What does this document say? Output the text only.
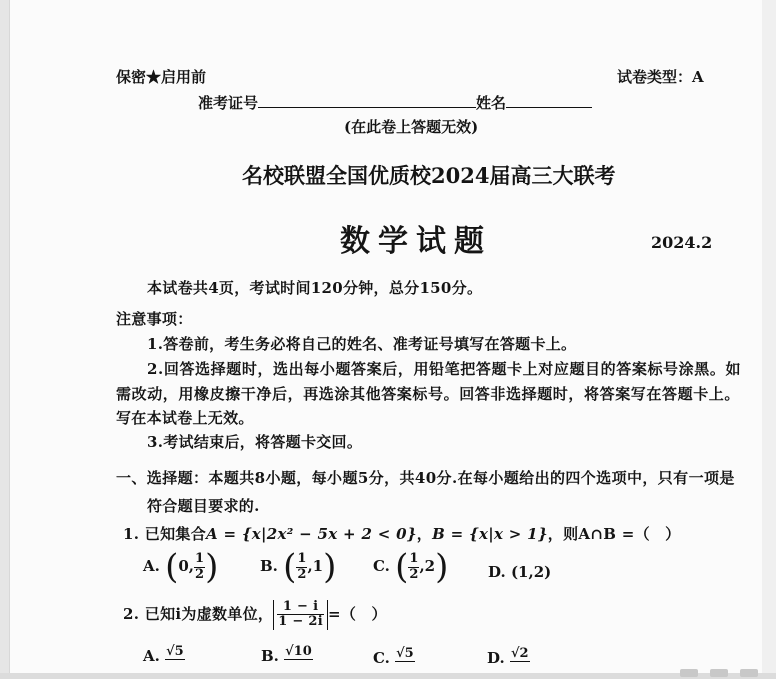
保密★启用前	试卷类型：A
准考证号	姓名
(在此卷上答题无效)
名校联盟全国优质校2024届高三大联考
数学试题	2024.2
本试卷共4页，考试时间120分钟，总分150分。
注意事项：
1.答卷前，考生务必将自己的姓名、准考证号填写在答题卡上。
2.回答选择题时，选出每小题答案后，用铅笔把答题卡上对应题目的答案标号涂黑。如
需改动，用橡皮擦干净后，再选涂其他答案标号。回答非选择题时，将答案写在答题卡上。
写在本试卷上无效。
3.考试结束后，将答题卡交回。
一、选择题：本题共8小题，每小题5分，共40分.在每小题给出的四个选项中，只有一项是
符合题目要求的.
1. 已知集合A = {x|2x² − 5x + 2 < 0}，B = {x|x > 1}，则A∩B =（　）
A. (0, $\frac{1}{2}$ )	B. ( $\frac{1}{2} ,1$) C. ( $\frac{1}{2} ,2$)	D. (1,2)
2. 已知i为虚数单位， $\frac{1 - i}{1 - 2i}$ =（　）
A. √5	B. √10	C. √5	D. √2
